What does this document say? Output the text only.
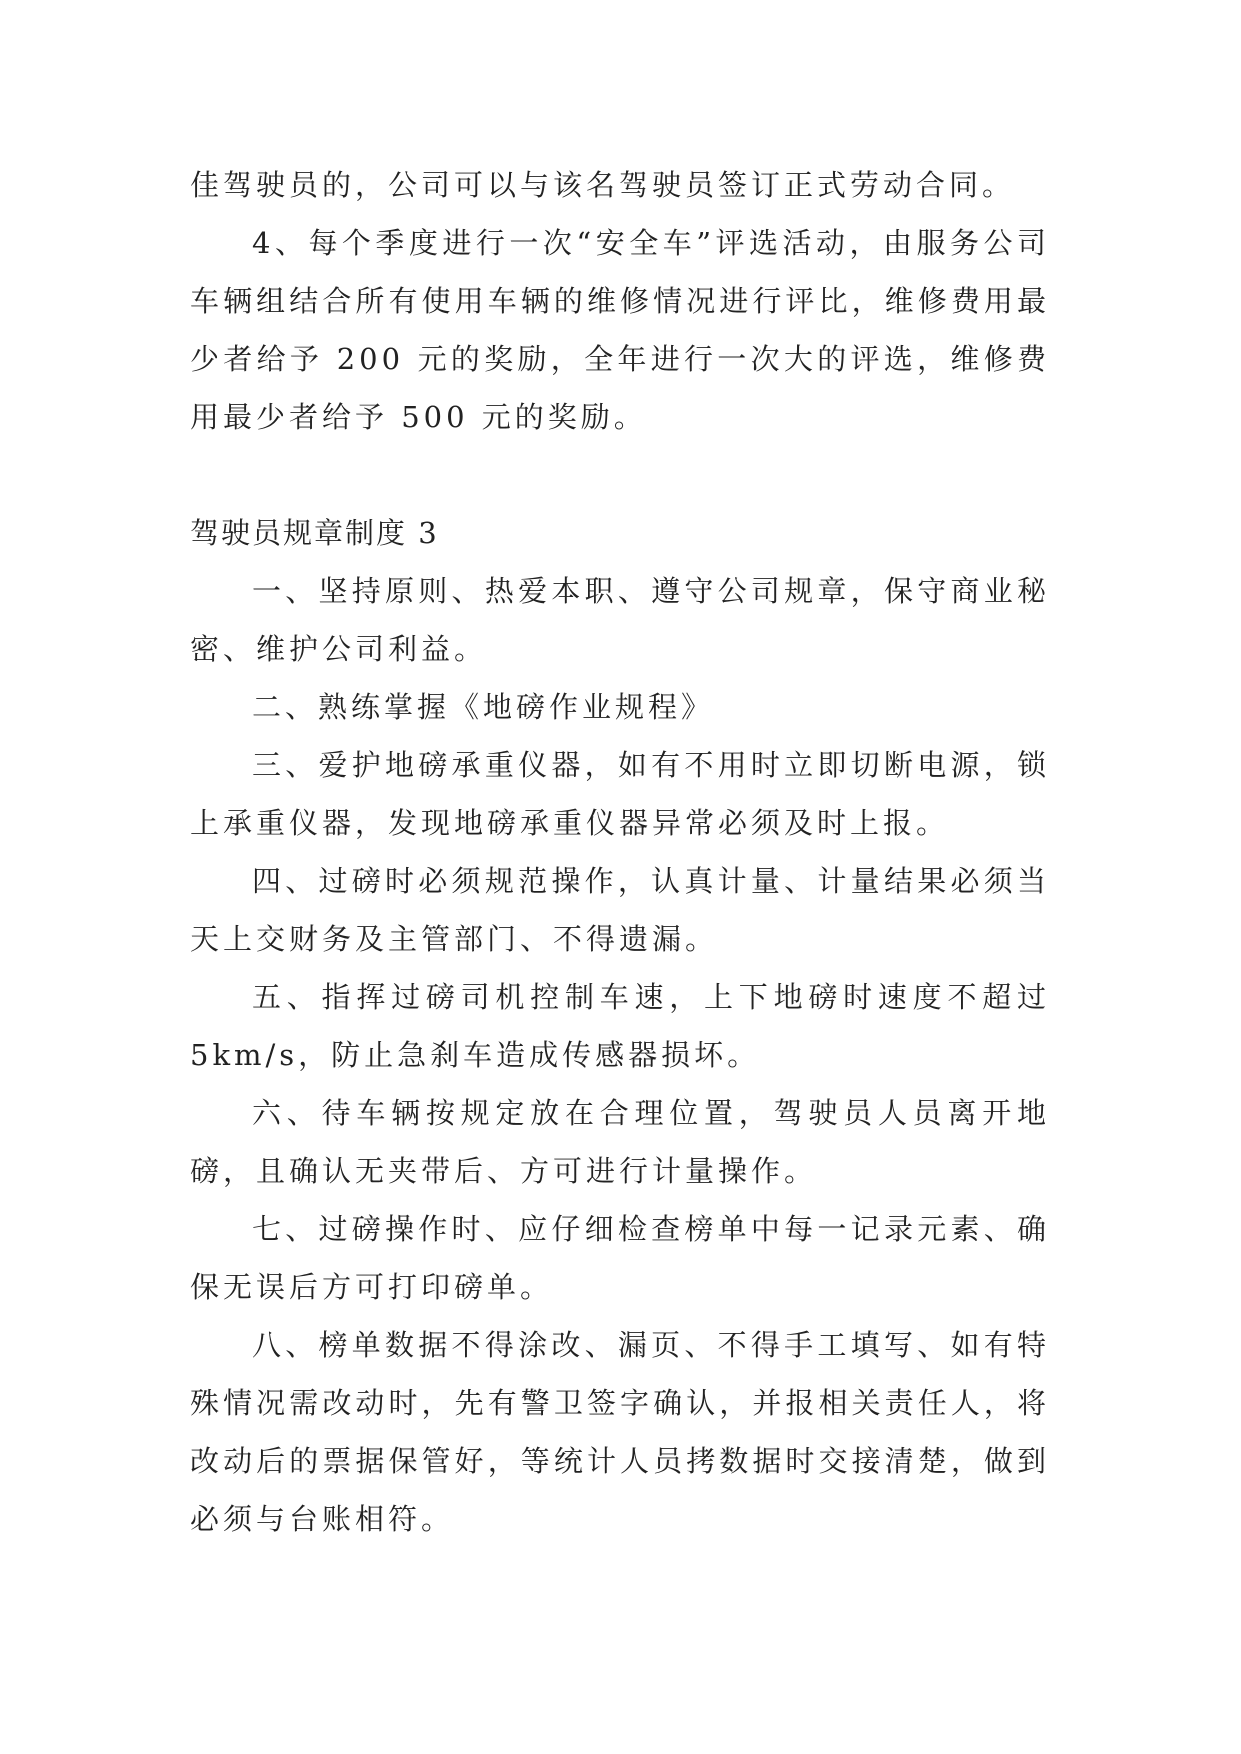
佳驾驶员的，公司可以与该名驾驶员签订正式劳动合同。

4、每个季度进行一次“安全车”评选活动，由服务公司车辆组结合所有使用车辆的维修情况进行评比，维修费用最少者给予 200 元的奖励，全年进行一次大的评选，维修费用最少者给予 500 元的奖励。

驾驶员规章制度 3

一、坚持原则、热爱本职、遵守公司规章，保守商业秘密、维护公司利益。

二、熟练掌握《地磅作业规程》

三、爱护地磅承重仪器，如有不用时立即切断电源，锁上承重仪器，发现地磅承重仪器异常必须及时上报。

四、过磅时必须规范操作，认真计量、计量结果必须当天上交财务及主管部门、不得遗漏。

五、指挥过磅司机控制车速，上下地磅时速度不超过5km/s，防止急刹车造成传感器损坏。

六、待车辆按规定放在合理位置，驾驶员人员离开地磅，且确认无夹带后、方可进行计量操作。

七、过磅操作时、应仔细检查榜单中每一记录元素、确保无误后方可打印磅单。

八、榜单数据不得涂改、漏页、不得手工填写、如有特殊情况需改动时，先有警卫签字确认，并报相关责任人，将改动后的票据保管好，等统计人员拷数据时交接清楚，做到必须与台账相符。
